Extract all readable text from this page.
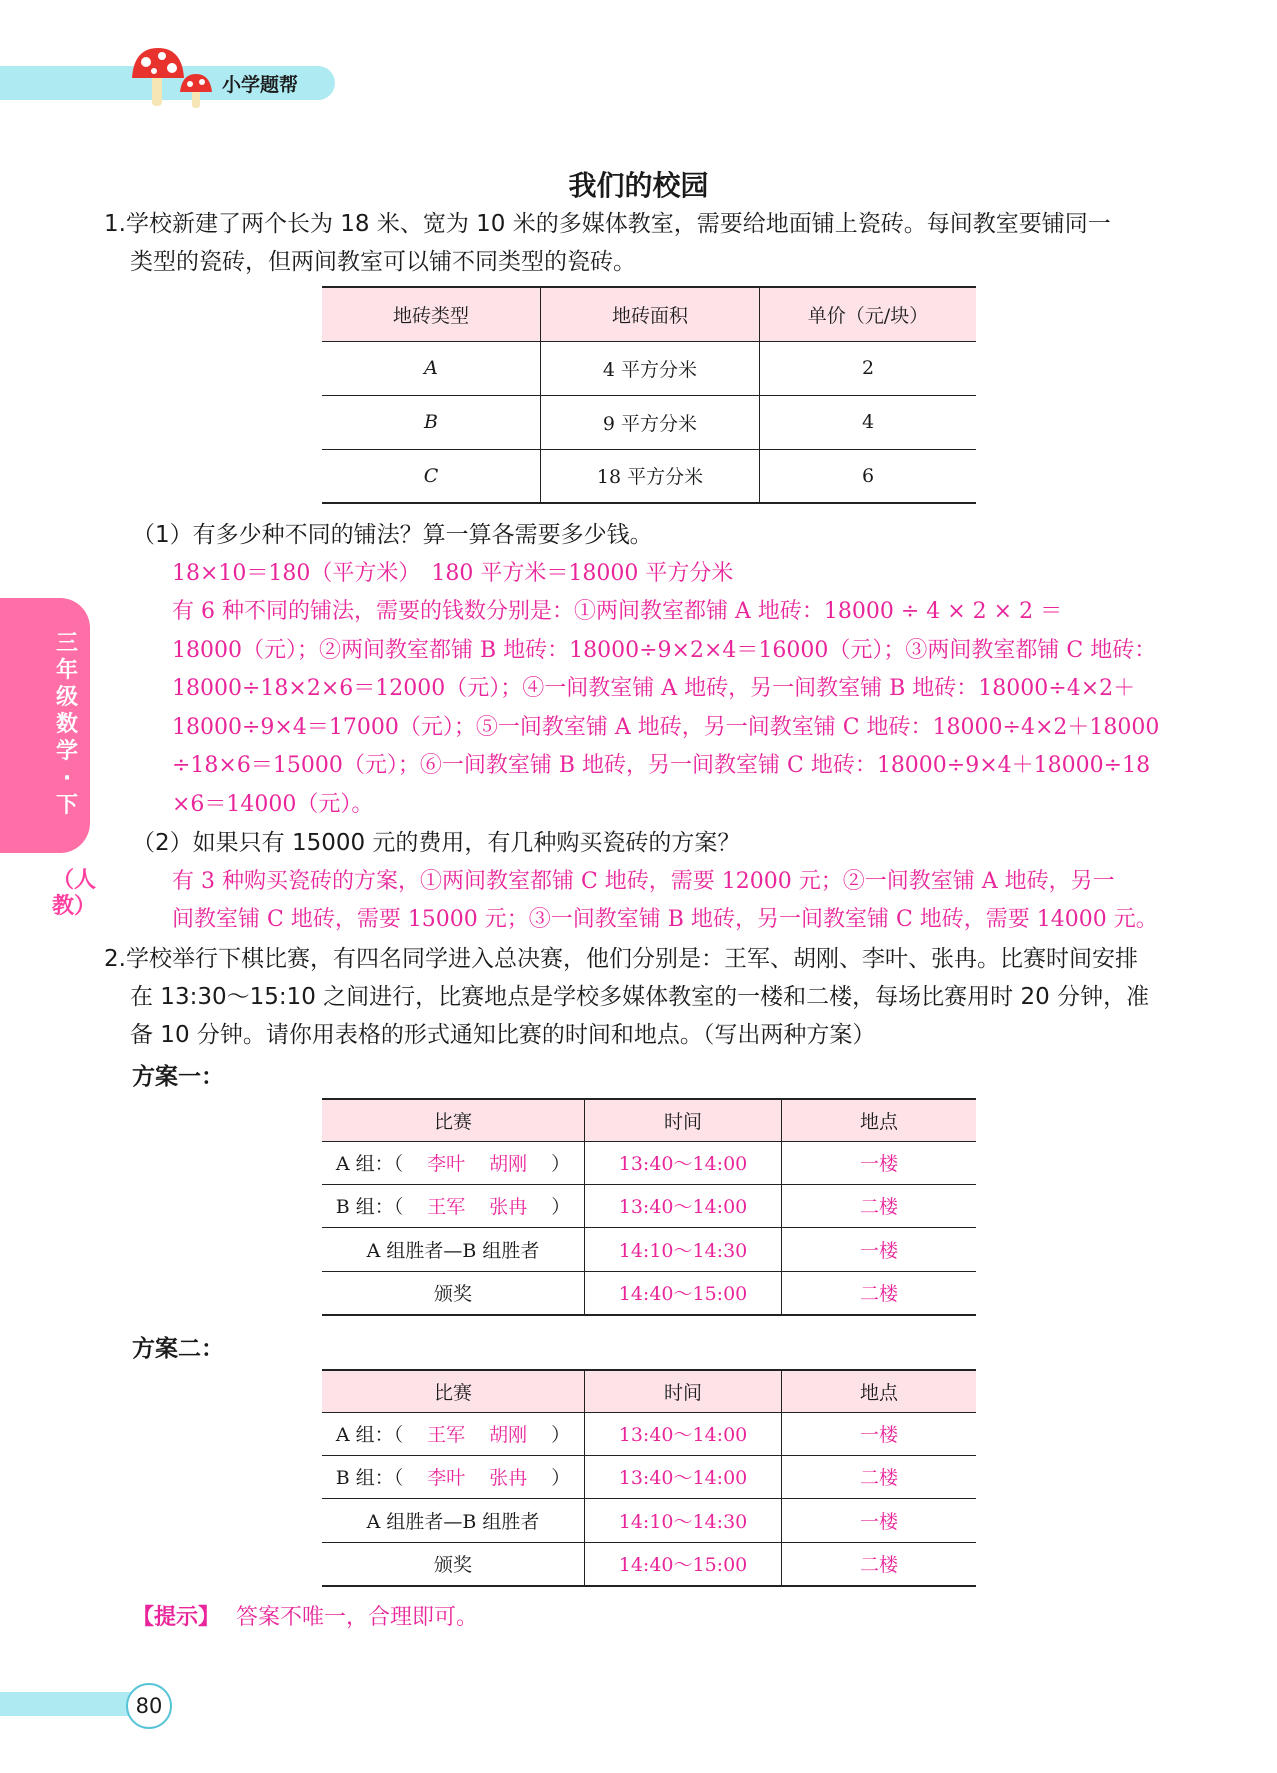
小学题帮
三年级数学·下
（人教）
我们的校园
1.学校新建了两个长为 18 米、宽为 10 米的多媒体教室，需要给地面铺上瓷砖。每间教室要铺同一
类型的瓷砖，但两间教室可以铺不同类型的瓷砖。
地砖类型	地砖面积	单价（元/块）
A	4 平方分米	2
B	9 平方分米	4
C	18 平方分米	6
（1）有多少种不同的铺法？算一算各需要多少钱。
18×10＝180（平方米）　180 平方米＝18000 平方分米
有 6 种不同的铺法，需要的钱数分别是：①两间教室都铺 A 地砖：18000 ÷ 4 × 2 × 2 ＝
18000（元）；②两间教室都铺 B 地砖：18000÷9×2×4＝16000（元）；③两间教室都铺 C 地砖：
18000÷18×2×6＝12000（元）；④一间教室铺 A 地砖，另一间教室铺 B 地砖：18000÷4×2＋
18000÷9×4＝17000（元）；⑤一间教室铺 A 地砖，另一间教室铺 C 地砖：18000÷4×2＋18000
÷18×6＝15000（元）；⑥一间教室铺 B 地砖，另一间教室铺 C 地砖：18000÷9×4＋18000÷18
×6＝14000（元）。
（2）如果只有 15000 元的费用，有几种购买瓷砖的方案？
有 3 种购买瓷砖的方案，①两间教室都铺 C 地砖，需要 12000 元；②一间教室铺 A 地砖，另一
间教室铺 C 地砖，需要 15000 元；③一间教室铺 B 地砖，另一间教室铺 C 地砖，需要 14000 元。
2.学校举行下棋比赛，有四名同学进入总决赛，他们分别是：王军、胡刚、李叶、张冉。比赛时间安排
在 13:30～15:10 之间进行，比赛地点是学校多媒体教室的一楼和二楼，每场比赛用时 20 分钟，准
备 10 分钟。请你用表格的形式通知比赛的时间和地点。（写出两种方案）
方案一：
比赛	时间	地点
A 组：（ 李叶 胡刚 ）	13:40～14:00	一楼
B 组：（ 王军 张冉 ）	13:40～14:00	二楼
A 组胜者—B 组胜者	14:10～14:30	一楼
颁奖	14:40～15:00	二楼
方案二：
比赛	时间	地点
A 组：（ 王军 胡刚 ）	13:40～14:00	一楼
B 组：（ 李叶 张冉 ）	13:40～14:00	二楼
A 组胜者—B 组胜者	14:10～14:30	一楼
颁奖	14:40～15:00	二楼
【提示】 答案不唯一，合理即可。
80
